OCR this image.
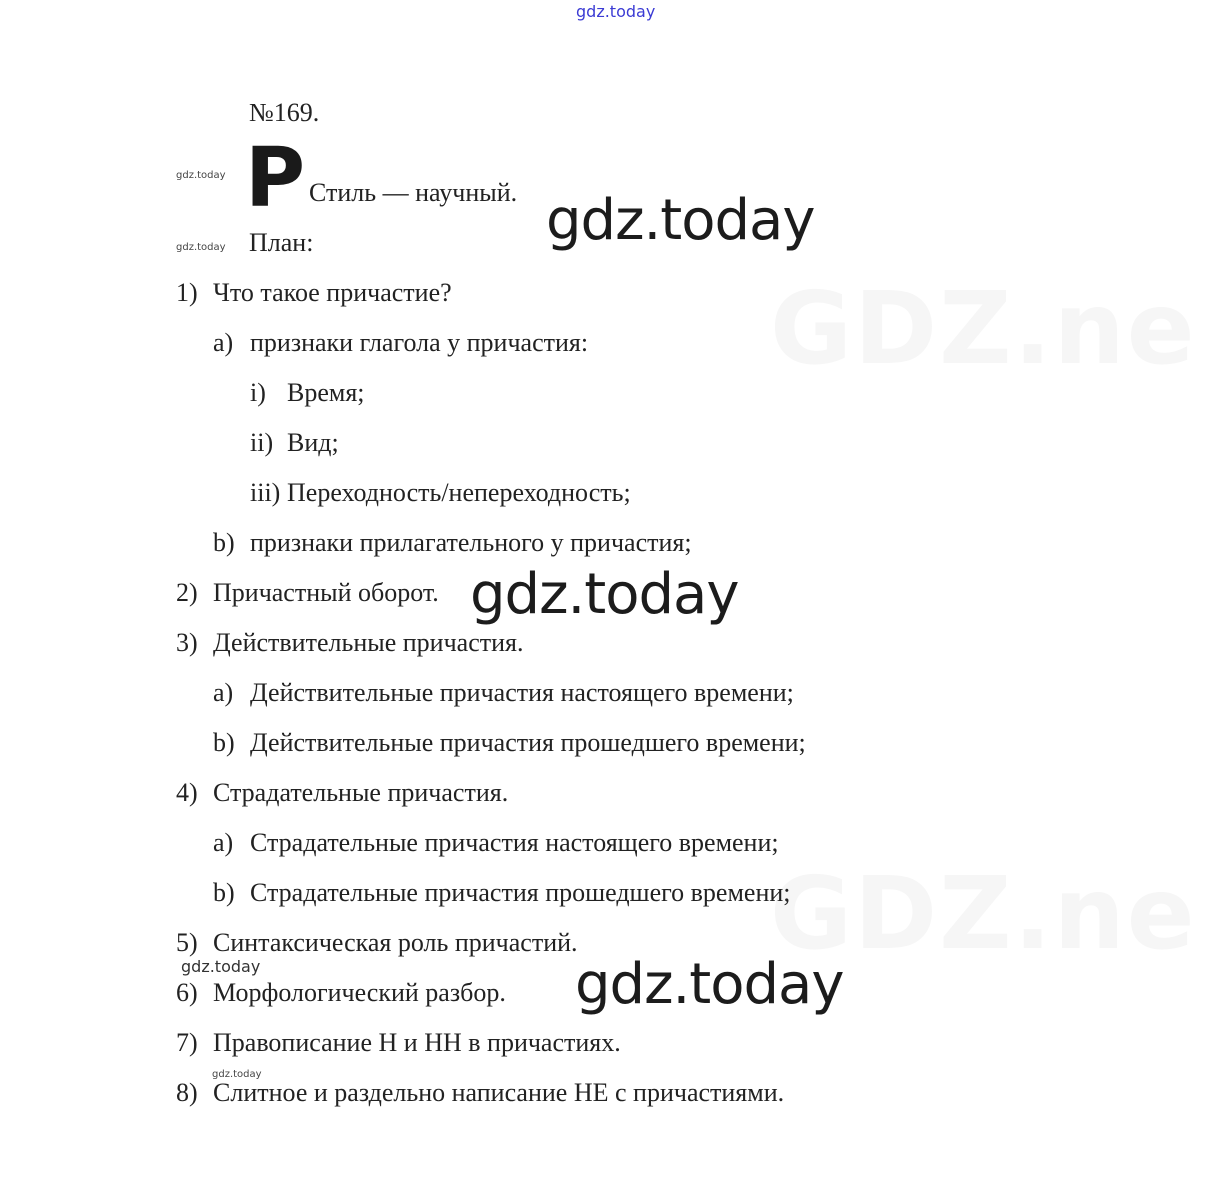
GDZ.ne
GDZ.ne
gdz.today
№169.
Р
gdz.today
Стиль — научный.
gdz.today План:
1) Что такое причастие?
a) признаки глагола у причастия:
i) Время;
ii) Вид;
iii) Переходность/непереходность;
b) признаки прилагательного у причастия;
2) Причастный оборот.
3) Действительные причастия.
a) Действительные причастия настоящего времени;
b) Действительные причастия прошедшего времени;
4) Страдательные причастия.
a) Страдательные причастия настоящего времени;
b) Страдательные причастия прошедшего времени;
5) Синтаксическая роль причастий.
6) Морфологический разбор.
7) Правописание Н и НН в причастиях.
8) Слитное и раздельно написание НЕ с причастиями.
gdz.today
gdz.today
gdz.today	gdz.today
gdz.today
